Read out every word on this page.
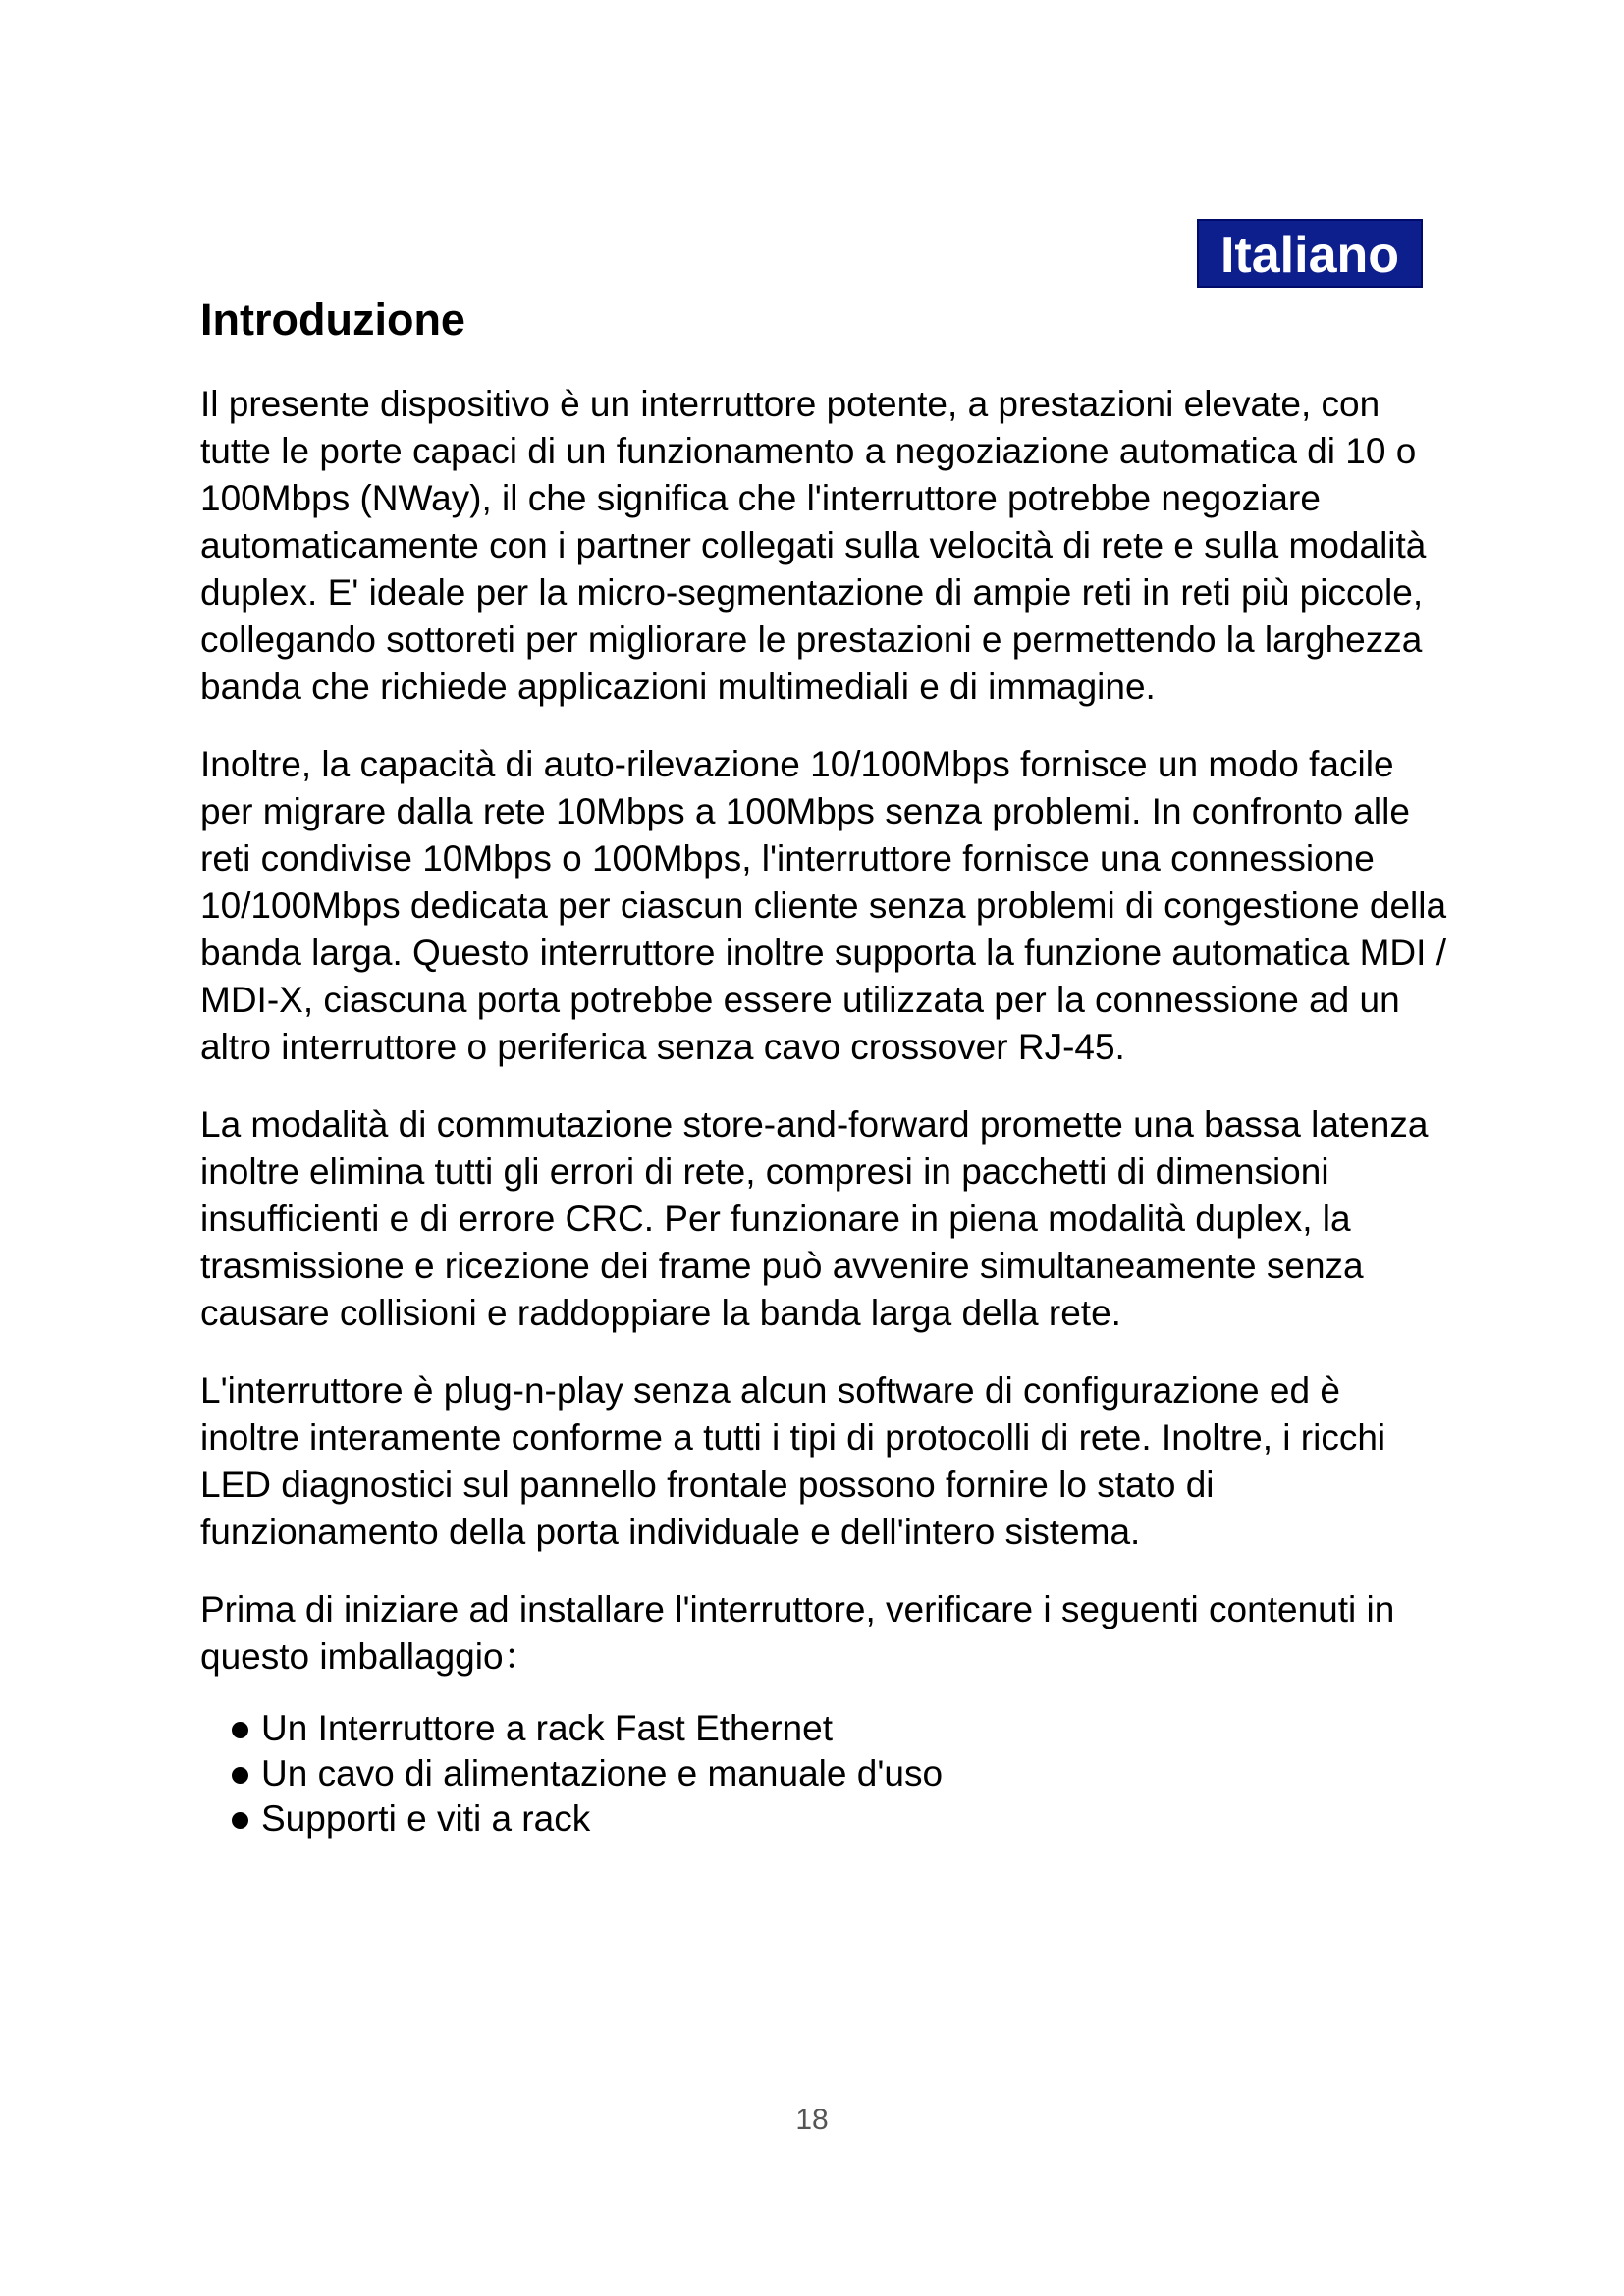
Italiano
Introduzione

Il presente dispositivo è un interruttore potente, a prestazioni elevate, con tutte le porte capaci di un funzionamento a negoziazione automatica di 10 o 100Mbps (NWay), il che significa che l'interruttore potrebbe negoziare automaticamente con i partner collegati sulla velocità di rete e sulla modalità duplex. E' ideale per la micro-segmentazione di ampie reti in reti più piccole, collegando sottoreti per migliorare le prestazioni e permettendo la larghezza banda che richiede applicazioni multimediali e di immagine.

Inoltre, la capacità di auto-rilevazione 10/100Mbps fornisce un modo facile per migrare dalla rete 10Mbps a 100Mbps senza problemi. In confronto alle reti condivise 10Mbps o 100Mbps, l'interruttore fornisce una connessione 10/100Mbps dedicata per ciascun cliente senza problemi di congestione della banda larga. Questo interruttore inoltre supporta la funzione automatica MDI / MDI-X, ciascuna porta potrebbe essere utilizzata per la connessione ad un altro interruttore o periferica senza cavo crossover RJ-45.

La modalità di commutazione store-and-forward promette una bassa latenza inoltre elimina tutti gli errori di rete, compresi in pacchetti di dimensioni insufficienti e di errore CRC. Per funzionare in piena modalità duplex, la trasmissione e ricezione dei frame può avvenire simultaneamente senza causare collisioni e raddoppiare la banda larga della rete.

L'interruttore è plug-n-play senza alcun software di configurazione ed è inoltre interamente conforme a tutti i tipi di protocolli di rete. Inoltre, i ricchi LED diagnostici sul pannello frontale possono fornire lo stato di funzionamento della porta individuale e dell'intero sistema.

Prima di iniziare ad installare l'interruttore, verificare i seguenti contenuti in questo imballaggio：

Un Interruttore a rack Fast Ethernet
Un cavo di alimentazione e manuale d'uso
Supporti e viti a rack
18
